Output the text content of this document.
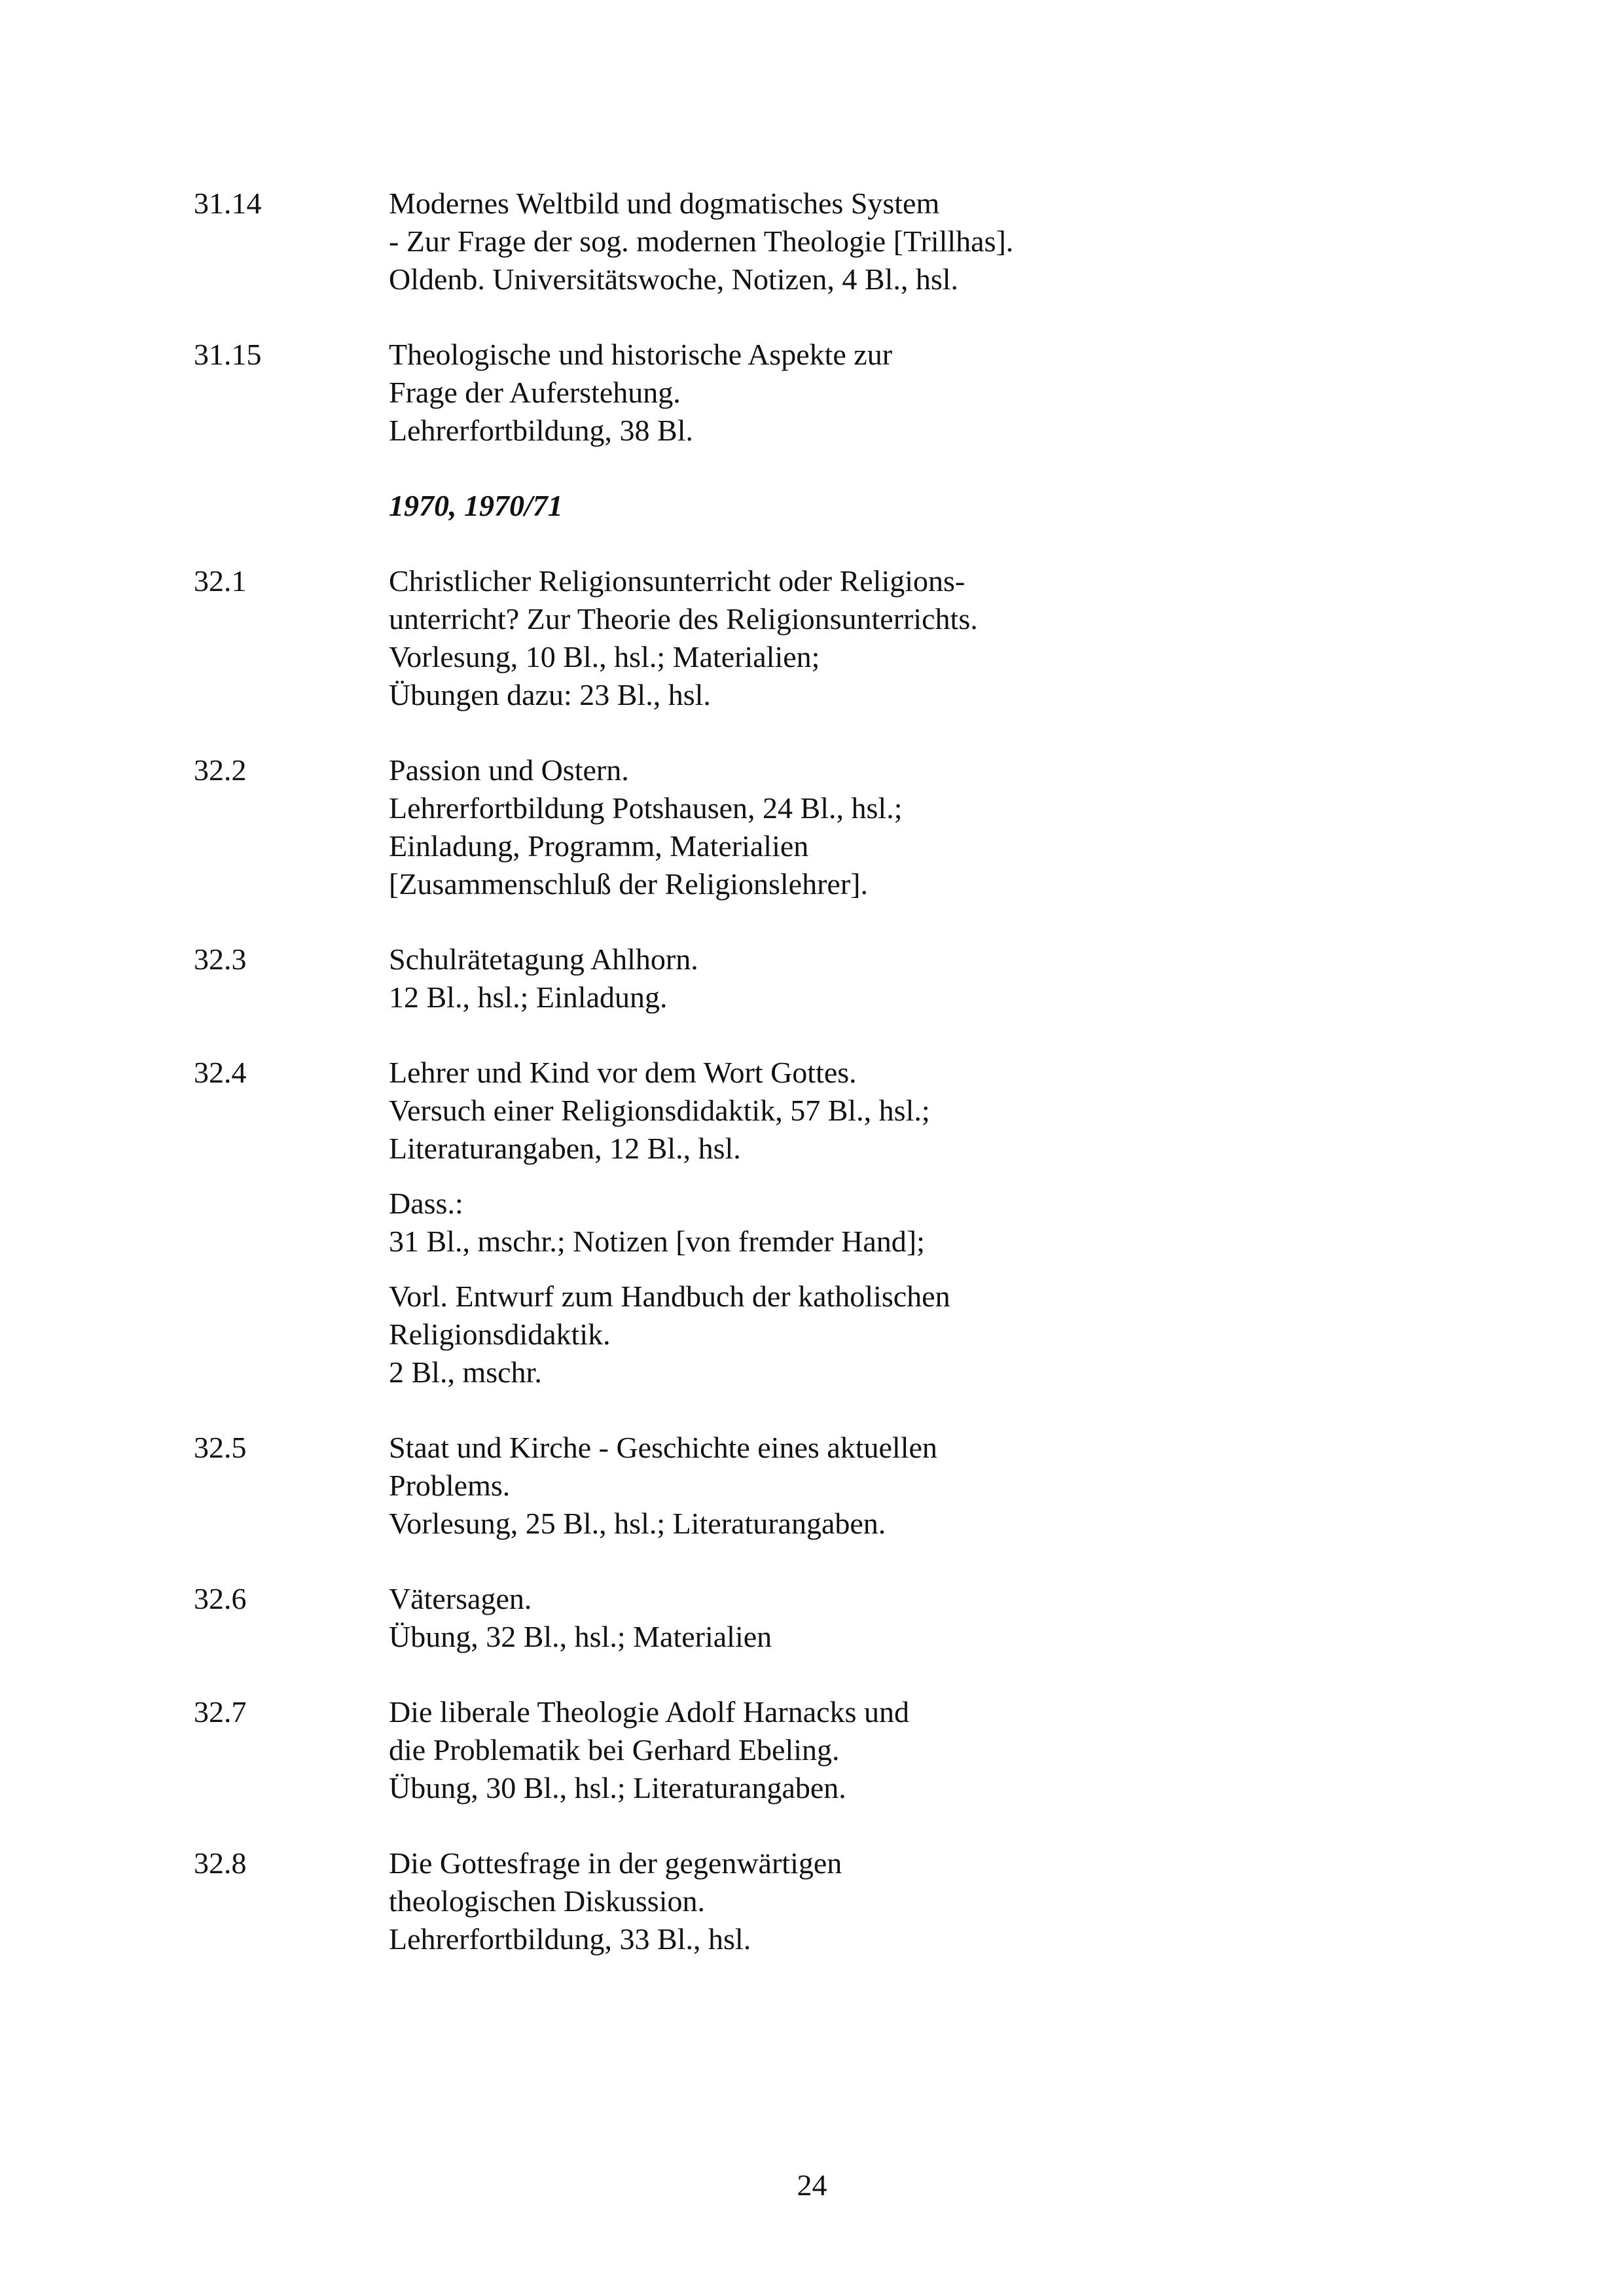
31.14	Modernes Weltbild und dogmatisches System
- Zur Frage der sog. modernen Theologie [Trillhas].
Oldenb. Universitätswoche, Notizen, 4 Bl., hsl.
31.15	Theologische und historische Aspekte zur
Frage der Auferstehung.
Lehrerfortbildung, 38 Bl.
1970, 1970/71
32.1	Christlicher Religionsunterricht oder Religions-
unterricht? Zur Theorie des Religionsunterrichts.
Vorlesung, 10 Bl., hsl.; Materialien;
Übungen dazu: 23 Bl., hsl.
32.2	Passion und Ostern.
Lehrerfortbildung Potshausen, 24 Bl., hsl.;
Einladung, Programm, Materialien
[Zusammenschluß der Religionslehrer].
32.3	Schulrätetagung Ahlhorn.
12 Bl., hsl.; Einladung.
32.4	Lehrer und Kind vor dem Wort Gottes.
Versuch einer Religionsdidaktik, 57 Bl., hsl.;
Literaturangaben, 12 Bl., hsl.
Dass.:
31 Bl., mschr.; Notizen [von fremder Hand];
Vorl. Entwurf zum Handbuch der katholischen
Religionsdidaktik.
2 Bl., mschr.
32.5	Staat und Kirche - Geschichte eines aktuellen
Problems.
Vorlesung, 25 Bl., hsl.; Literaturangaben.
32.6	Vätersagen.
Übung, 32 Bl., hsl.; Materialien
32.7	Die liberale Theologie Adolf Harnacks und
die Problematik bei Gerhard Ebeling.
Übung, 30 Bl., hsl.; Literaturangaben.
32.8	Die Gottesfrage in der gegenwärtigen
theologischen Diskussion.
Lehrerfortbildung, 33 Bl., hsl.
24
